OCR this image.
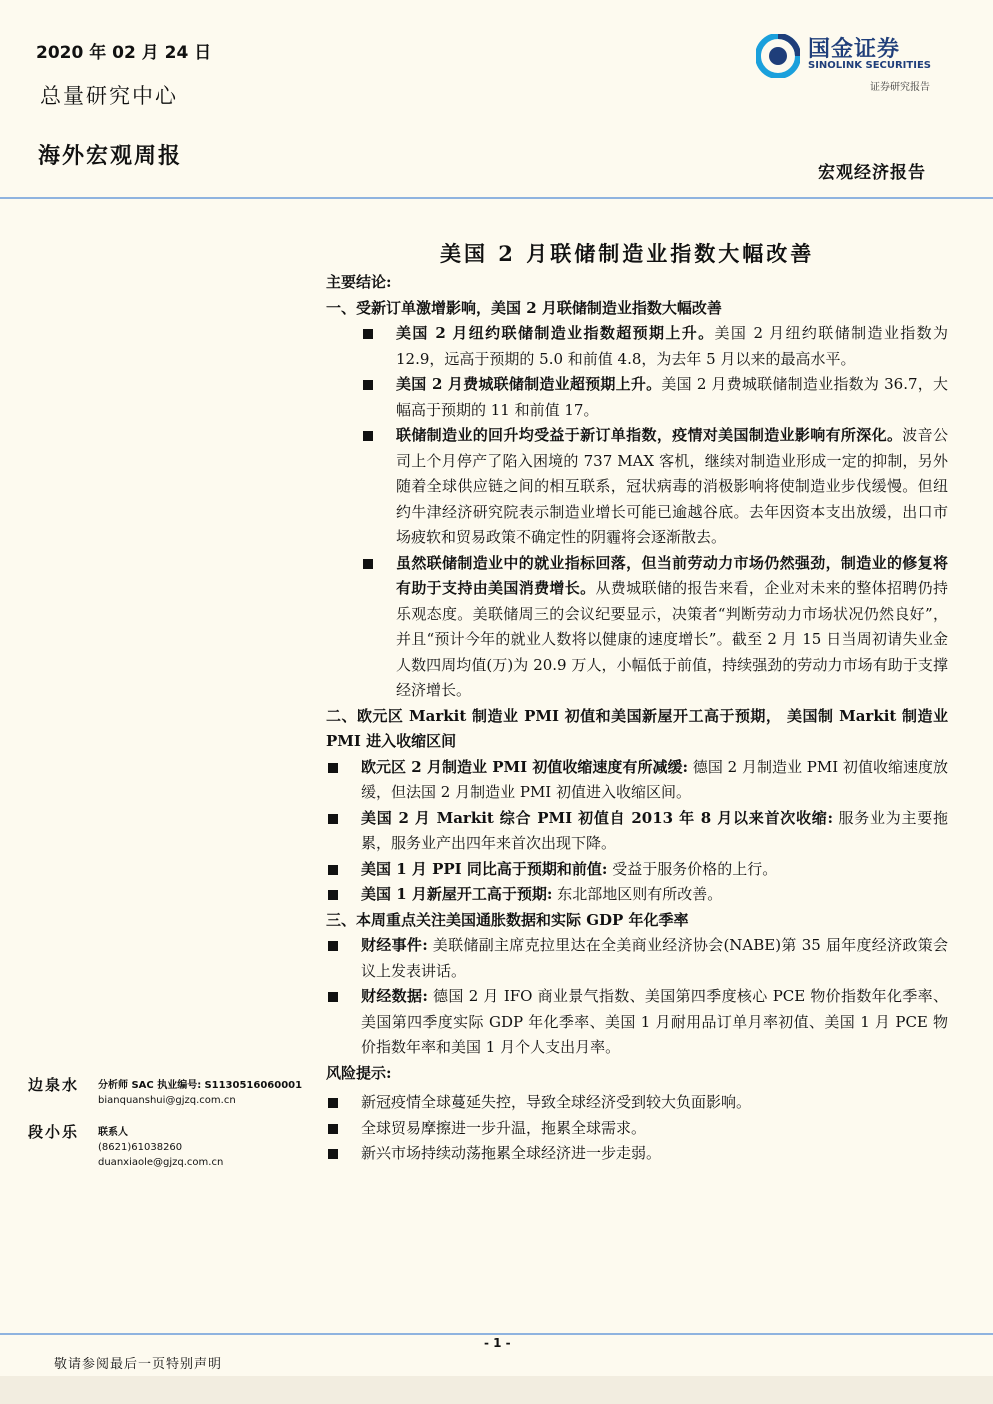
2020 年 02 月 24 日
总量研究中心
海外宏观周报
国金证券
SINOLINK SECURITIES
证券研究报告
宏观经济报告
美国 2 月联储制造业指数大幅改善

主要结论:

一、受新订单激增影响，美国 2 月联储制造业指数大幅改善

美国 2 月纽约联储制造业指数超预期上升。美国 2 月纽约联储制造业指数为 12.9，远高于预期的 5.0 和前值 4.8，为去年 5 月以来的最高水平。
美国 2 月费城联储制造业超预期上升。美国 2 月费城联储制造业指数为 36.7，大幅高于预期的 11 和前值 17。
联储制造业的回升均受益于新订单指数，疫情对美国制造业影响有所深化。波音公司上个月停产了陷入困境的 737 MAX 客机，继续对制造业形成一定的抑制，另外随着全球供应链之间的相互联系，冠状病毒的消极影响将使制造业步伐缓慢。但纽约牛津经济研究院表示制造业增长可能已逾越谷底。去年因资本支出放缓，出口市场疲软和贸易政策不确定性的阴霾将会逐渐散去。
虽然联储制造业中的就业指标回落，但当前劳动力市场仍然强劲，制造业的修复将有助于支持由美国消费增长。从费城联储的报告来看，企业对未来的整体招聘仍持乐观态度。美联储周三的会议纪要显示，决策者“判断劳动力市场状况仍然良好”，并且“预计今年的就业人数将以健康的速度增长”。截至 2 月 15 日当周初请失业金人数四周均值(万)为 20.9 万人，小幅低于前值，持续强劲的劳动力市场有助于支撑经济增长。

二、欧元区 Markit 制造业 PMI 初值和美国新屋开工高于预期， 美国制 Markit 制造业 PMI 进入收缩区间

欧元区 2 月制造业 PMI 初值收缩速度有所减缓: 德国 2 月制造业 PMI 初值收缩速度放缓，但法国 2 月制造业 PMI 初值进入收缩区间。
美国 2 月 Markit 综合 PMI 初值自 2013 年 8 月以来首次收缩: 服务业为主要拖累，服务业产出四年来首次出现下降。
美国 1 月 PPI 同比高于预期和前值: 受益于服务价格的上行。
美国 1 月新屋开工高于预期: 东北部地区则有所改善。

三、本周重点关注美国通胀数据和实际 GDP 年化季率

财经事件: 美联储副主席克拉里达在全美商业经济协会(NABE)第 35 届年度经济政策会议上发表讲话。
财经数据: 德国 2 月 IFO 商业景气指数、美国第四季度核心 PCE 物价指数年化季率、美国第四季度实际 GDP 年化季率、美国 1 月耐用品订单月率初值、美国 1 月 PCE 物价指数年率和美国 1 月个人支出月率。

风险提示:

新冠疫情全球蔓延失控，导致全球经济受到较大负面影响。
全球贸易摩擦进一步升温，拖累全球需求。
新兴市场持续动荡拖累全球经济进一步走弱。
边泉水 分析师 SAC 执业编号: S1130516060001
bianquanshui@gjzq.com.cn
段小乐 联系人
(8621)61038260
duanxiaole@gjzq.com.cn
- 1 -
敬请参阅最后一页特别声明
